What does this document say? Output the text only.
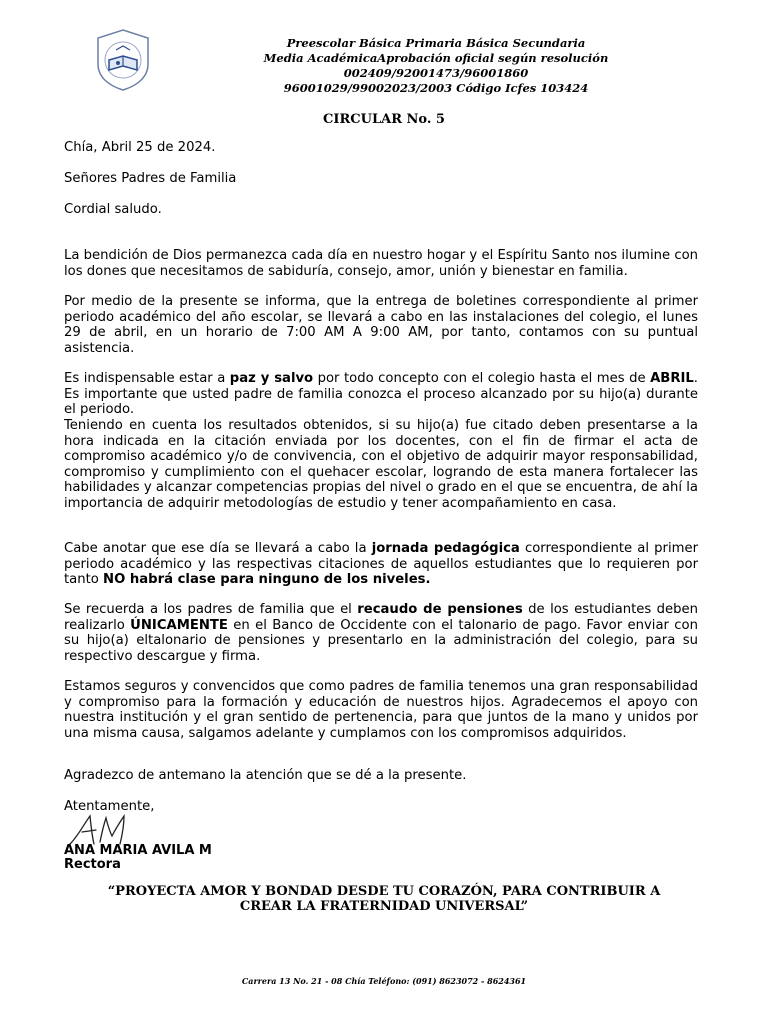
Preescolar Básica Primaria Básica Secundaria
Media AcadémicaAprobación oficial según resolución
002409/92001473/96001860
96001029/99002023/2003 Código Icfes 103424
CIRCULAR No. 5
Chía, Abril 25 de 2024.
Señores Padres de Familia
Cordial saludo.
La bendición de Dios permanezca cada día en nuestro hogar y el Espíritu Santo nos ilumine con los dones que necesitamos de sabiduría, consejo, amor, unión y bienestar en familia.
Por medio de la presente se informa, que la entrega de boletines correspondiente al primer periodo académico del año escolar, se llevará a cabo en las instalaciones del colegio, el lunes 29 de abril, en un horario de 7:00 AM A 9:00 AM, por tanto, contamos con su puntual asistencia.
Es indispensable estar a paz y salvo por todo concepto con el colegio hasta el mes de ABRIL. Es importante que usted padre de familia conozca el proceso alcanzado por su hijo(a) durante el periodo.
Teniendo en cuenta los resultados obtenidos, si su hijo(a) fue citado deben presentarse a la hora indicada en la citación enviada por los docentes, con el fin de firmar el acta de compromiso académico y/o de convivencia, con el objetivo de adquirir mayor responsabilidad, compromiso y cumplimiento con el quehacer escolar, logrando de esta manera fortalecer las habilidades y alcanzar competencias propias del nivel o grado en el que se encuentra, de ahí la importancia de adquirir metodologías de estudio y tener acompañamiento en casa.
Cabe anotar que ese día se llevará a cabo la jornada pedagógica correspondiente al primer periodo académico y las respectivas citaciones de aquellos estudiantes que lo requieren por tanto NO habrá clase para ninguno de los niveles.
Se recuerda a los padres de familia que el recaudo de pensiones de los estudiantes deben realizarlo ÚNICAMENTE en el Banco de Occidente con el talonario de pago. Favor enviar con su hijo(a) eltalonario de pensiones y presentarlo en la administración del colegio, para su respectivo descargue y firma.
Estamos seguros y convencidos que como padres de familia tenemos una gran responsabilidad y compromiso para la formación y educación de nuestros hijos. Agradecemos el apoyo con nuestra institución y el gran sentido de pertenencia, para que juntos de la mano y unidos por una misma causa, salgamos adelante y cumplamos con los compromisos adquiridos.
Agradezco de antemano la atención que se dé a la presente.
Atentamente,
ANA MARIA AVILA M
Rectora
“PROYECTA AMOR Y BONDAD DESDE TU CORAZÓN, PARA CONTRIBUIR A
CREAR LA FRATERNIDAD UNIVERSAL”
Carrera 13 No. 21 - 08 Chía Teléfono: (091) 8623072 - 8624361
